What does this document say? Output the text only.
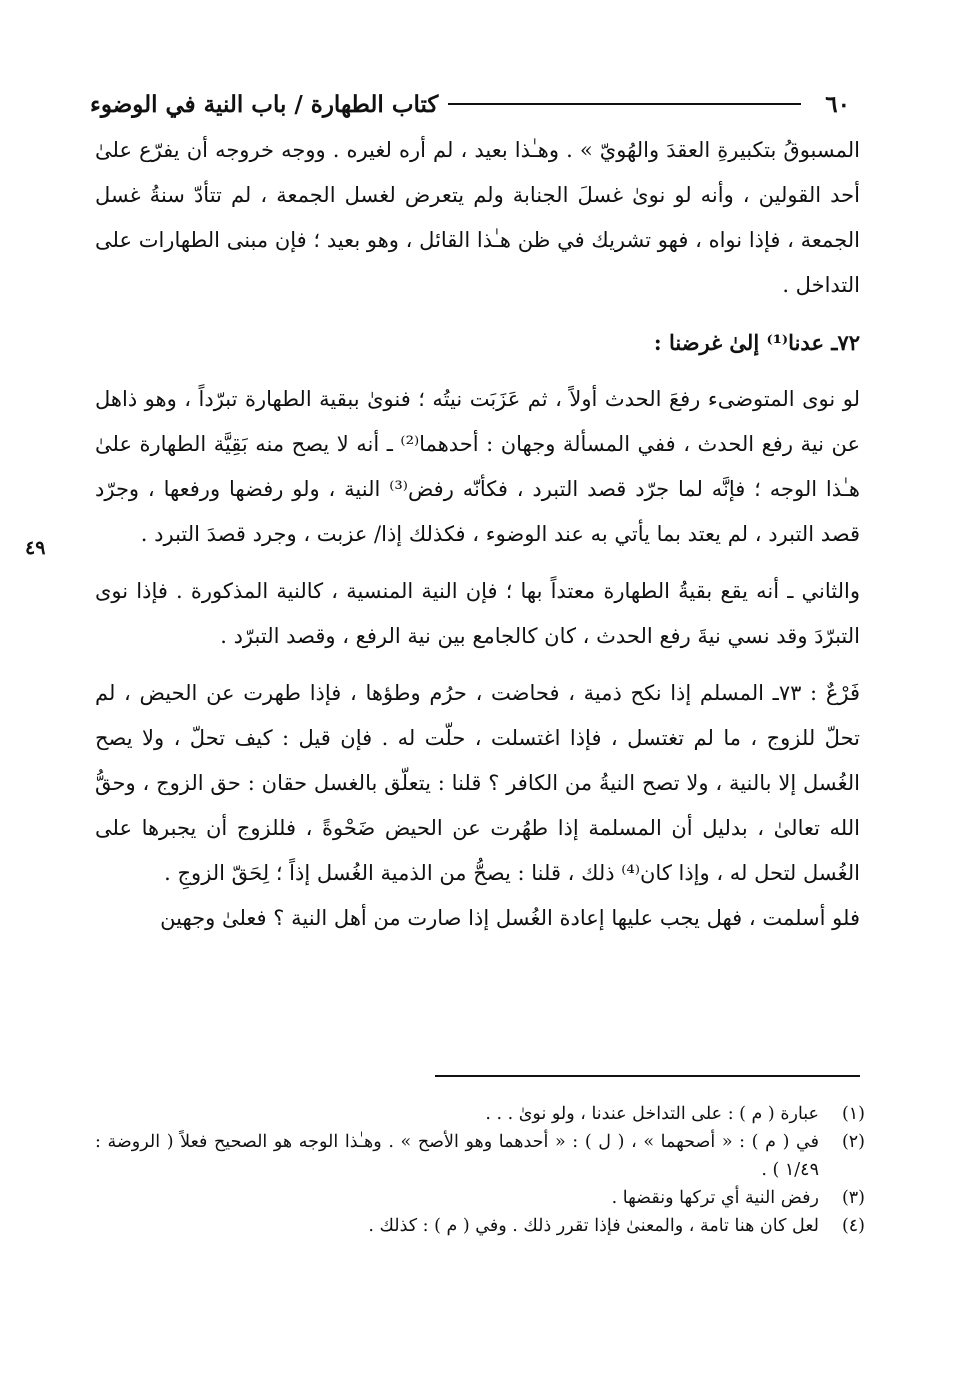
٦٠
كتاب الطهارة / باب النية في الوضوء
٤٩

المسبوقُ بتكبيرةِ العقدَ والهُويّ » . وهـٰذا بعيد ، لم أره لغيره . ووجه خروجه أن يفرّع علىٰ أحد القولين ، وأنه لو نوىٰ غسلَ الجنابة ولم يتعرض لغسل الجمعة ، لم تتأدّ سنةُ غسل الجمعة ، فإذا نواه ، فهو تشريك في ظن هـٰذا القائل ، وهو بعيد ؛ فإن مبنى الطهارات على التداخل .

٧٢ـ عدنا⁽¹⁾ إلىٰ غرضنا :

لو نوى المتوضىء رفعَ الحدث أولاً ، ثم عَزَبَت نيتُه ؛ فنوىٰ ببقية الطهارة تبرّداً ، وهو ذاهل عن نية رفع الحدث ، ففي المسألة وجهان : أحدهما⁽²⁾ ـ أنه لا يصح منه بَقِيَّة الطهارة علىٰ هـٰذا الوجه ؛ فإنَّه لما جرّد قصد التبرد ، فكأنّه رفض⁽³⁾ النية ، ولو رفضها ورفعها ، وجرّد قصد التبرد ، لم يعتد بما يأتي به عند الوضوء ، فكذلك إذا/ عزبت ، وجرد قصدَ التبرد .

والثاني ـ أنه يقع بقيةُ الطهارة معتداً بها ؛ فإن النية المنسية ، كالنية المذكورة . فإذا نوى التبرّدَ وقد نسي نيةَ رفع الحدث ، كان كالجامع بين نية الرفع ، وقصد التبرّد .

فَرْعٌ : ٧٣ـ المسلم إذا نكح ذمية ، فحاضت ، حرُم وطؤها ، فإذا طهرت عن الحيض ، لم تحلّ للزوج ، ما لم تغتسل ، فإذا اغتسلت ، حلّت له . فإن قيل : كيف تحلّ ، ولا يصح الغُسل إلا بالنية ، ولا تصح النيةُ من الكافر ؟ قلنا : يتعلّق بالغسل حقان : حق الزوج ، وحقُّ الله تعالىٰ ، بدليل أن المسلمة إذا طهُرت عن الحيض ضَحْوةً ، فللزوج أن يجبرها على الغُسل لتحل له ، وإذا كان⁽⁴⁾ ذلك ، قلنا : يصحُّ من الذمية الغُسل إذاً ؛ لِحَقّ الزوجِ .

فلو أسلمت ، فهل يجب عليها إعادة الغُسل إذا صارت من أهل النية ؟ فعلىٰ وجهين

(١)
عبارة ( م ) : على التداخل عندنا ، ولو نوىٰ . . .
(٢)
في ( م ) : « أصحهما » ، ( ل ) : « أحدهما وهو الأصح » . وهـٰذا الوجه هو الصحيح فعلاً ( الروضة : ١/٤٩ ) .
(٣)
رفض النية أي تركها ونقضها .
(٤)
لعل كان هنا تامة ، والمعنىٰ فإذا تقرر ذلك . وفي ( م ) : كذلك .
